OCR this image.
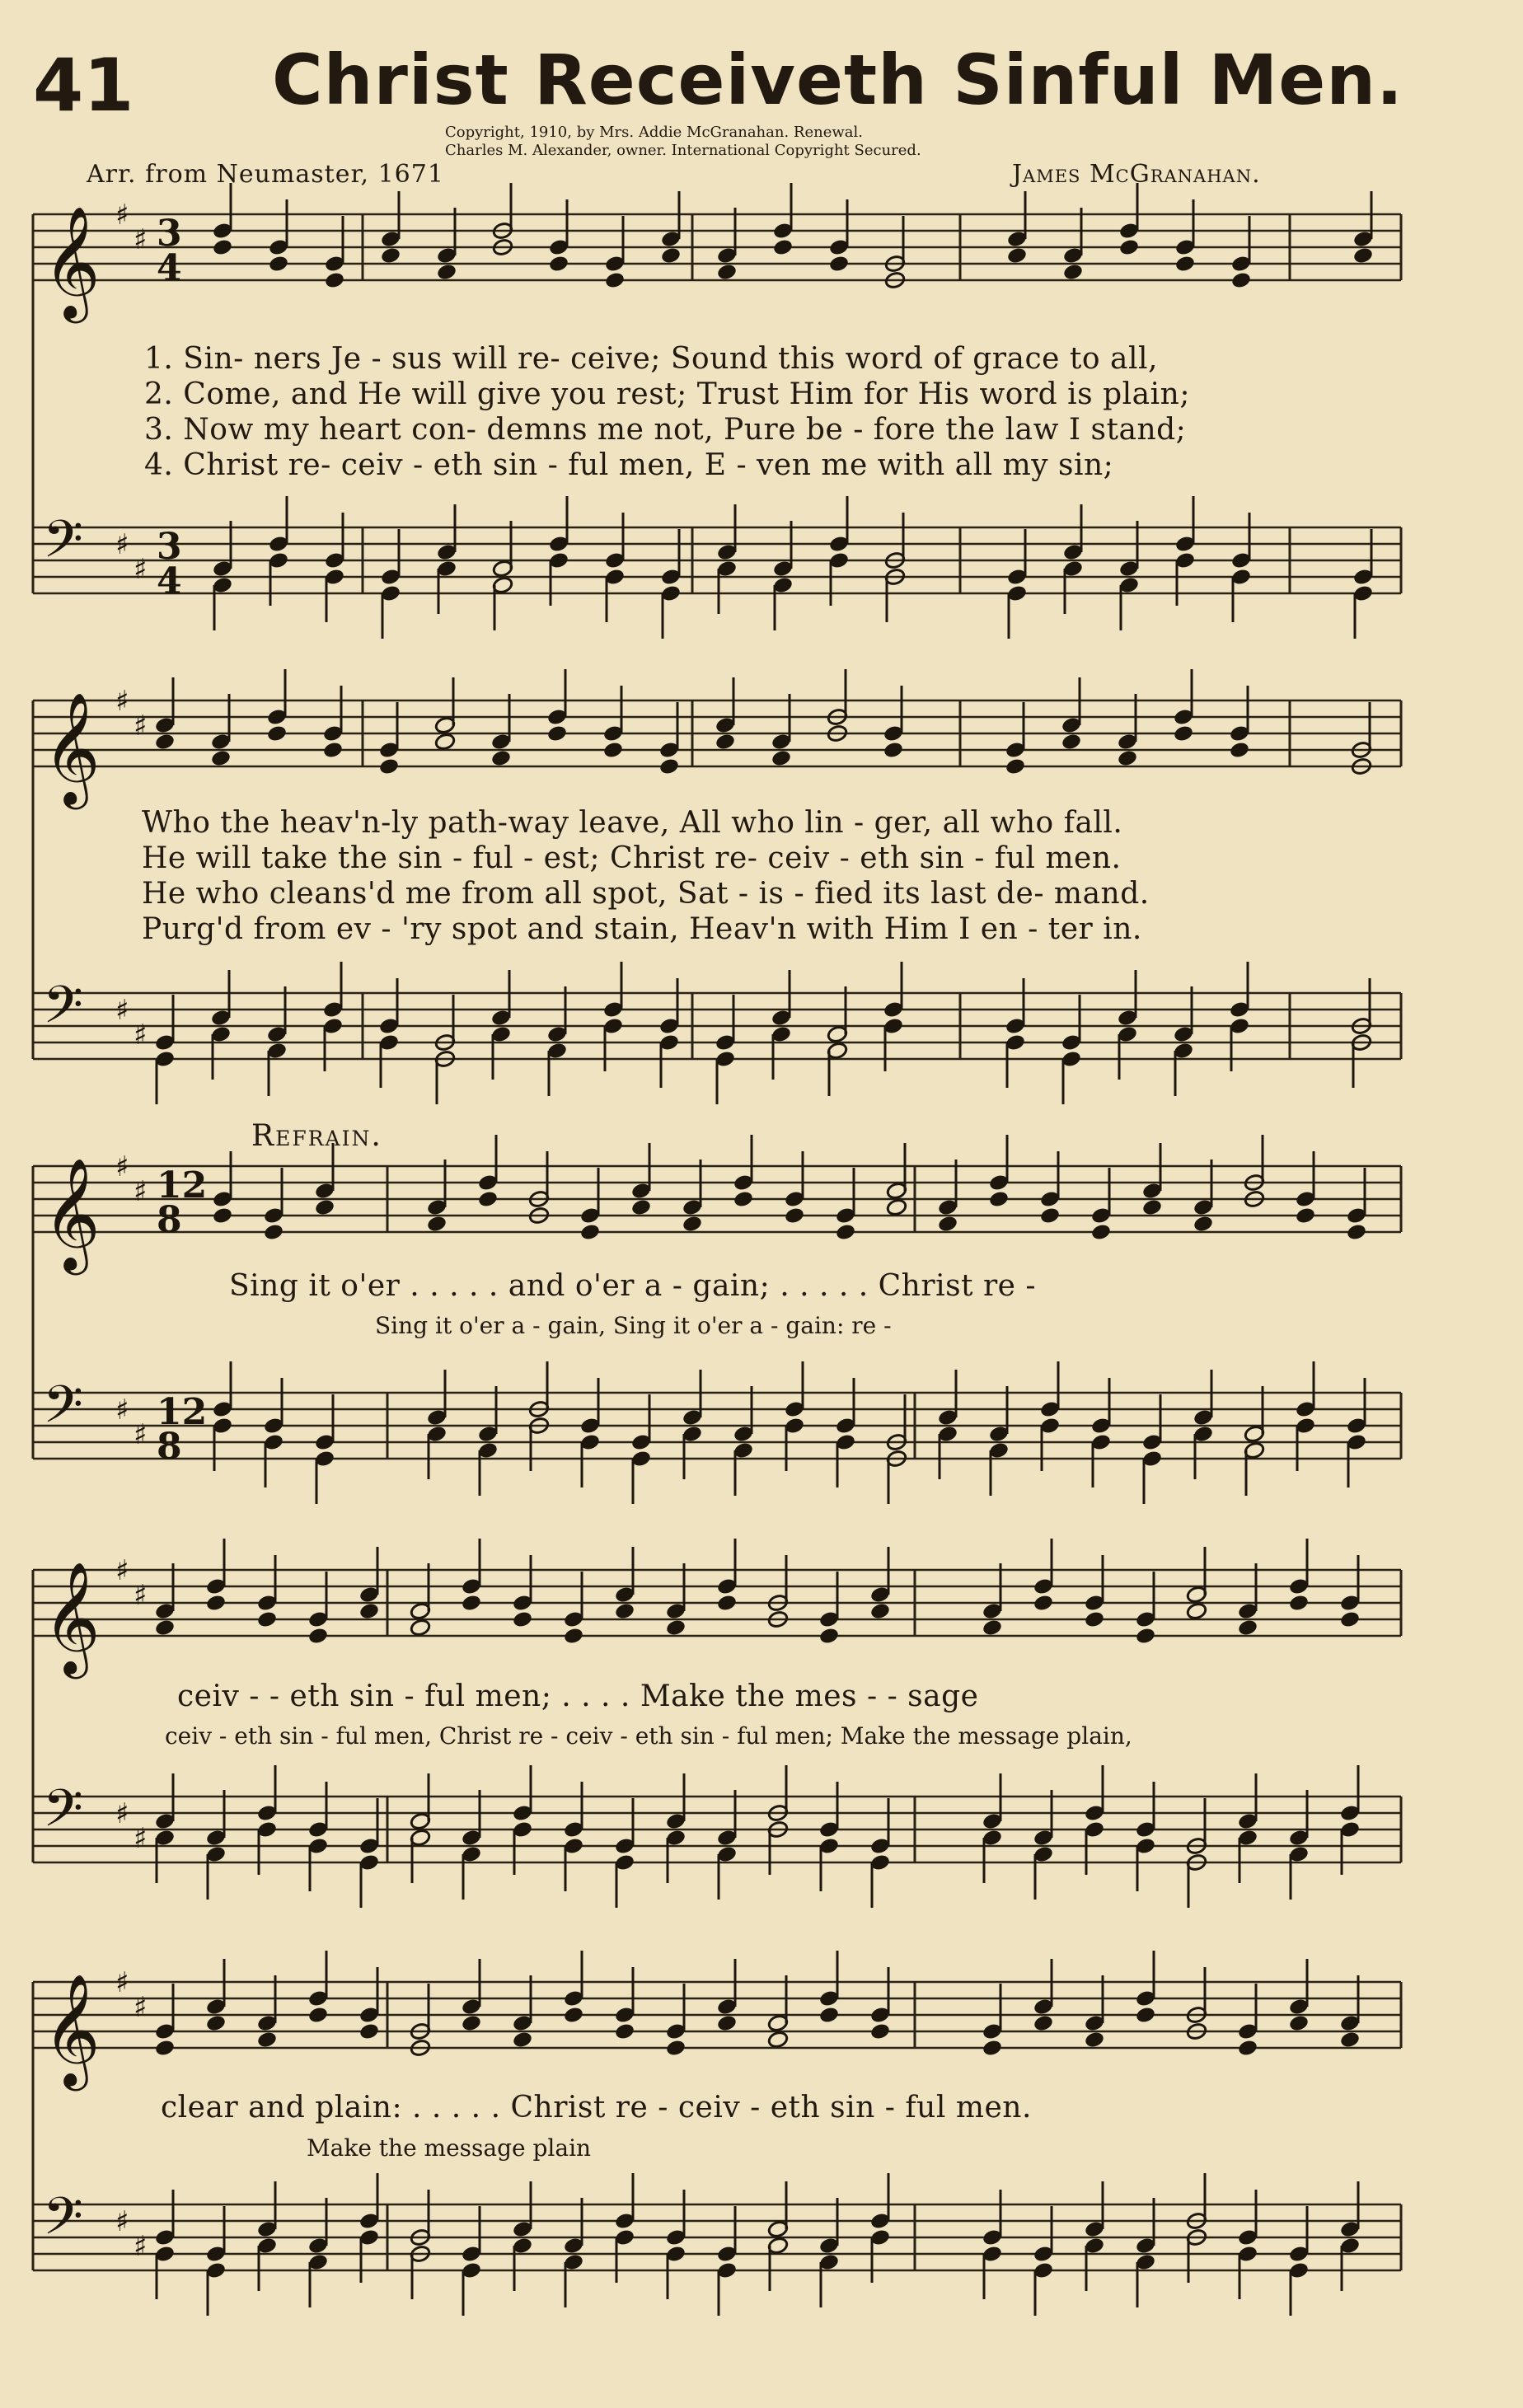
41 Christ Receiveth Sinful Men.
Copyright, 1910, by Mrs. Addie McGranahan. Renewal.
Charles M. Alexander, owner. International Copyright Secured.
Arr. from Neumaster, 1671	James McGranahan.
𝄞 ♯
♯ 3
4
𝄢 ♯
♯
3
4
𝄞 ♯
♯
𝄢 ♯
♯
𝄞 ♯
♯ 12
8
𝄢 ♯
♯
12
8
𝄞 ♯
♯
𝄢 ♯
♯
𝄞 ♯
♯
𝄢 ♯
♯
1. Sin- ners Je - sus will re- ceive; Sound this word of grace to all,
2. Come, and He will give you rest; Trust Him for His word is plain;
3. Now my heart con- demns me not, Pure be - fore the law I stand;
4. Christ re- ceiv - eth sin - ful men, E - ven me with all my sin;
Who the heav'n-ly path-way leave, All who lin - ger, all who fall.
He will take the sin - ful - est; Christ re- ceiv - eth sin - ful men.
He who cleans'd me from all spot, Sat - is - fied its last de- mand.
Purg'd from ev - 'ry spot and stain, Heav'n with Him I en - ter in.
Refrain.
Sing it o'er . . . . . and o'er a - gain; . . . . . Christ re -
Sing it o'er a - gain, Sing it o'er a - gain: re -
ceiv - - eth sin - ful men; . . . . Make the mes - - sage
ceiv - eth sin - ful men, Christ re - ceiv - eth sin - ful men; Make the message plain,
clear and plain: . . . . . Christ re - ceiv - eth sin - ful men.
Make the message plain
